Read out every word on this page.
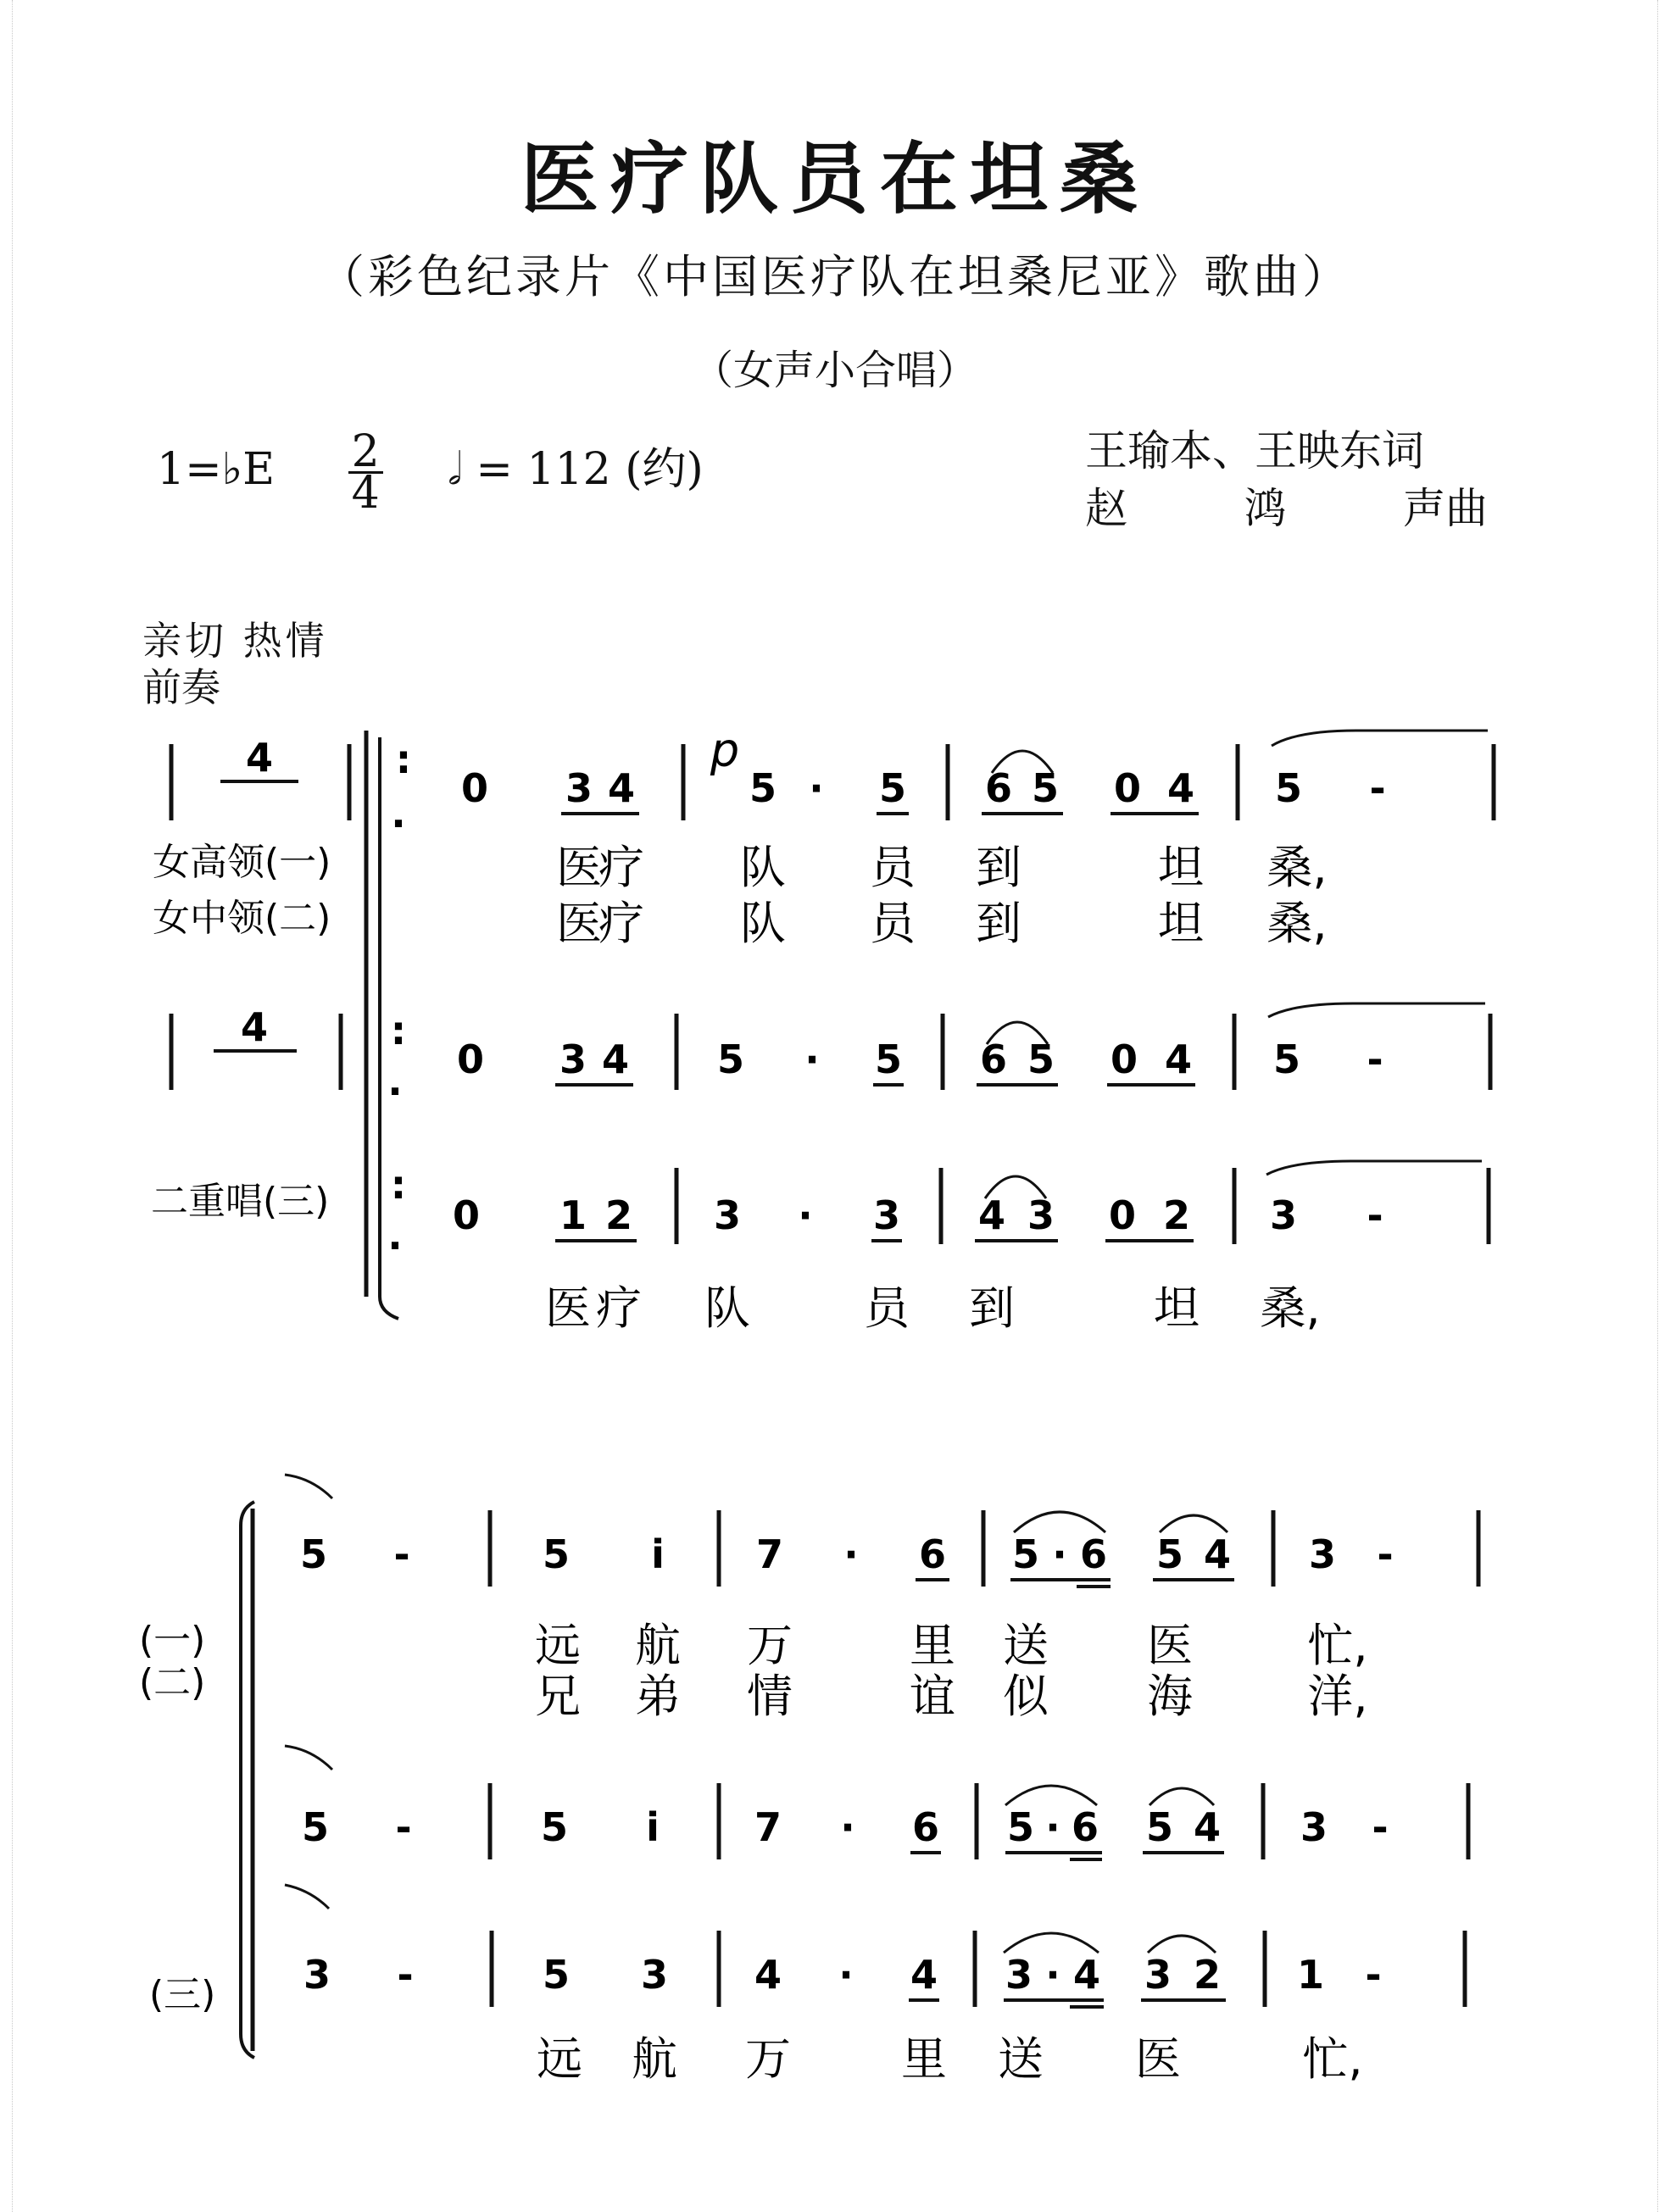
医疗队员在坦桑
（彩色纪录片《中国医疗队在坦桑尼亚》歌曲）
（女声小合唱）
1=♭E $\frac{2}{4}$ 𝅗𝅥 = 112 (约)	王瑜本、王映东词
赵	鸿	声曲
亲切 热情
前奏
女高领(一)
女中领(二)
二重唱(三)
4	:
.
p
0 3 4	5 · 5 6 5 0 4 5 -
医
疗 队 员 到	坦 桑,
医
疗 队 员 到	坦 桑,
4	:
. 0 3 4 5 · 5 6 5 0 4 5 -
:
. 0 1 2 3 · 3 4 3 0 2 3 -
医 疗 队 员 到	坦 桑,
(一)
(二)
(三)
5 -	5 i 7 · 6 5 · 6 5 4 3 -
远 航 万	里 送 医	忙,
兄 弟 情	谊 似 海	洋,
5 -	5 i 7 · 6 5 · 6 5 4 3 -
3 -	5 3 4 · 4 3 · 4 3 2 1 -
远 航 万 里 送 医	忙,
